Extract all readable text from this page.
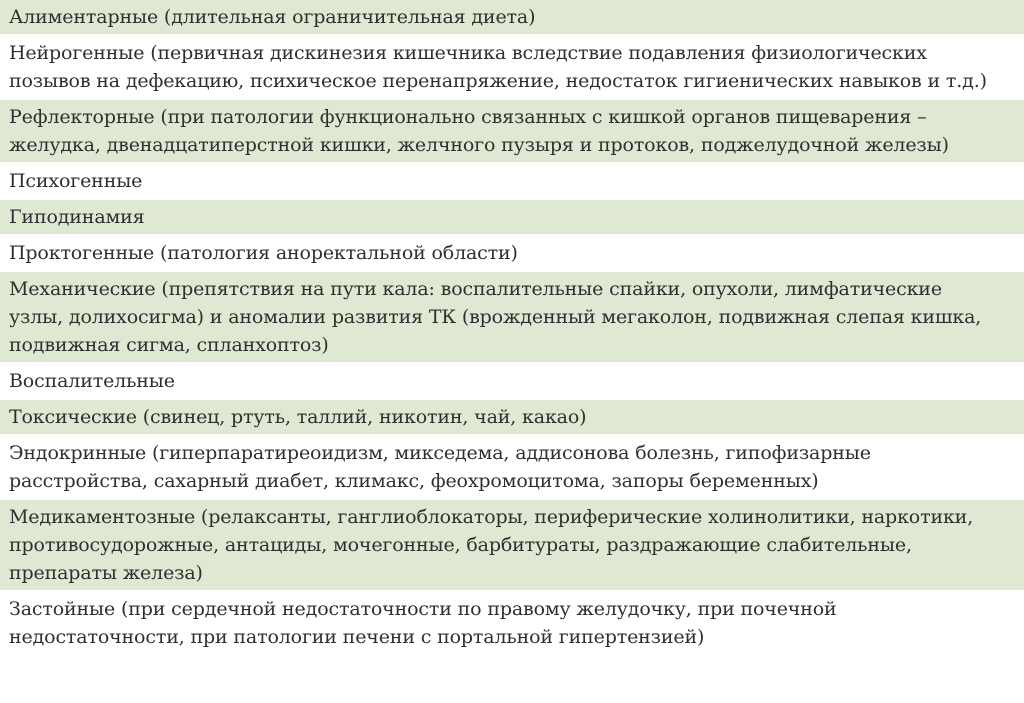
Алиментарные (длительная ограничительная диета)
Нейрогенные (первичная дискинезия кишечника вследствие подавления физиологических
позывов на дефекацию, психическое перенапряжение, недостаток гигиенических навыков и т.д.)
Рефлекторные (при патологии функционально связанных с кишкой органов пищеварения –
желудка, двенадцатиперстной кишки, желчного пузыря и протоков, поджелудочной железы)
Психогенные
Гиподинамия
Проктогенные (патология аноректальной области)
Механические (препятствия на пути кала: воспалительные спайки, опухоли, лимфатические
узлы, долихосигма) и аномалии развития ТК (врожденный мегаколон, подвижная слепая кишка,
подвижная сигма, спланхоптоз)
Воспалительные
Токсические (свинец, ртуть, таллий, никотин, чай, какао)
Эндокринные (гиперпаратиреоидизм, микседема, аддисонова болезнь, гипофизарные
расстройства, сахарный диабет, климакс, феохромоцитома, запоры беременных)
Медикаментозные (релаксанты, ганглиоблокаторы, периферические холинолитики, наркотики,
противосудорожные, антациды, мочегонные, барбитураты, раздражающие слабительные,
препараты железа)
Застойные (при сердечной недостаточности по правому желудочку, при почечной
недостаточности, при патологии печени с портальной гипертензией)
